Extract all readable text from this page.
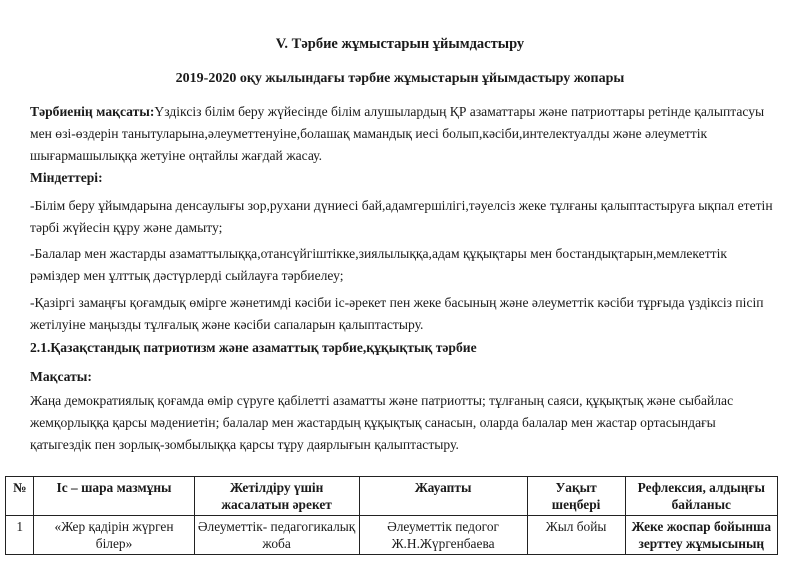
V. Тәрбие жұмыстарын ұйымдастыру
2019-2020 оқу жылындағы тәрбие жұмыстарын ұйымдастыру жопары
Тәрбиенің мақсаты:Үздіксіз білім беру жүйесінде білім алушылардың ҚР азаматтары және патриоттары ретінде қалыптасуы мен өзі-өздерін танытуларына,әлеуметтенуіне,болашақ мамандық иесі болып,кәсіби,интелектуалды және әлеуметтік шығармашылыққа жетуіне оңтайлы жағдай жасау.
Міндеттері:
-Білім беру ұйымдарына денсаулығы зор,рухани дүниесі бай,адамгершілігі,тәуелсіз жеке тұлғаны қалыптастыруға ықпал ететін тәрбі жүйесін құру және дамыту;
-Балалар мен жастарды азаматтылыққа,отансүйгіштікке,зиялылыққа,адам құқықтары мен бостандықтарын,мемлекеттік рәміздер мен ұлттық дәстүрлерді сыйлауға тәрбиелеу;
-Қазіргі замаңғы қоғамдық өмірге жәнетимді кәсіби іс-әрекет пен жеке басының және әлеуметтік кәсіби тұрғыда үздіксіз пісіп жетілуіне маңызды тұлғалық және кәсіби сапаларын қалыптастыру.
2.1.Қазақстандық патриотизм және азаматтық тәрбие,құқықтық тәрбие
Мақсаты:
Жаңа демократиялық қоғамда өмір сүруге қабілетті азаматты және патриотты; тұлғаның саяси, құқықтық және сыбайлас жемқорлыққа қарсы мәдениетін; балалар мен жастардың құқықтық санасын, оларда балалар мен жастар ортасындағы қатыгездік пен зорлық-зомбылыққа қарсы тұру даярлығын қалыптастыру.
№	Іс – шара мазмұны	Жетілдіру үшін жасалатын әрекет	Жауапты	Уақыт шеңбері	Рефлексия, алдыңғы байланыс
1	«Жер қадірін жүрген білер»	Әлеуметтік- педагогикалық жоба	Әлеуметтік педогог Ж.Н.Жүргенбаева	Жыл бойы	Жеке жоспар бойынша зерттеу жұмысының
